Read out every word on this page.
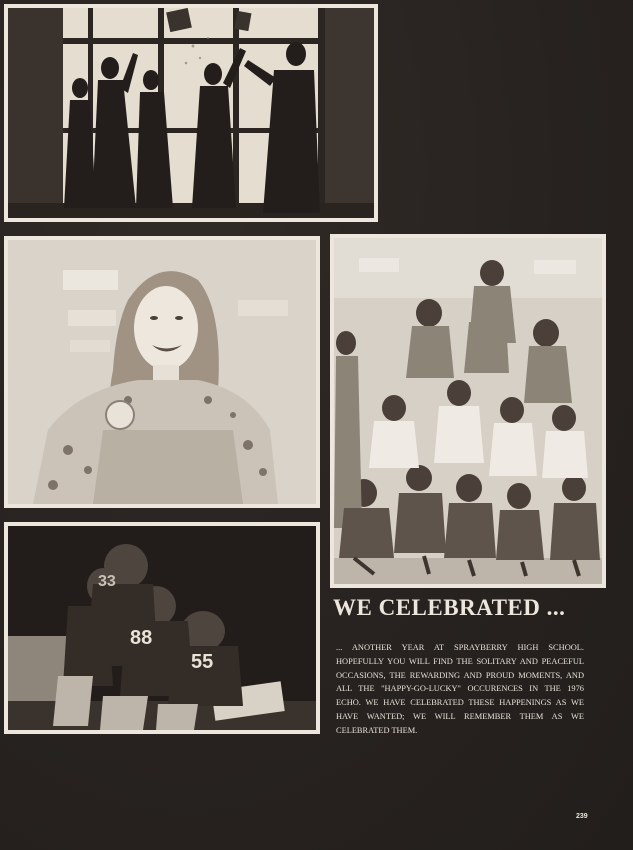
88
55
33
WE CELEBRATED ...

... ANOTHER YEAR AT SPRAYBERRY HIGH SCHOOL. HOPEFULLY YOU WILL FIND THE SOLITARY AND PEACEFUL OCCASIONS, THE REWARDING AND PROUD MOMENTS, AND ALL THE "HAPPY-GO-LUCKY" OCCURENCES IN THE 1976 ECHO. WE HAVE CELEBRATED THESE HAPPENINGS AS WE HAVE WANTED; WE WILL REMEMBER THEM AS WE CELEBRATED THEM.

239
